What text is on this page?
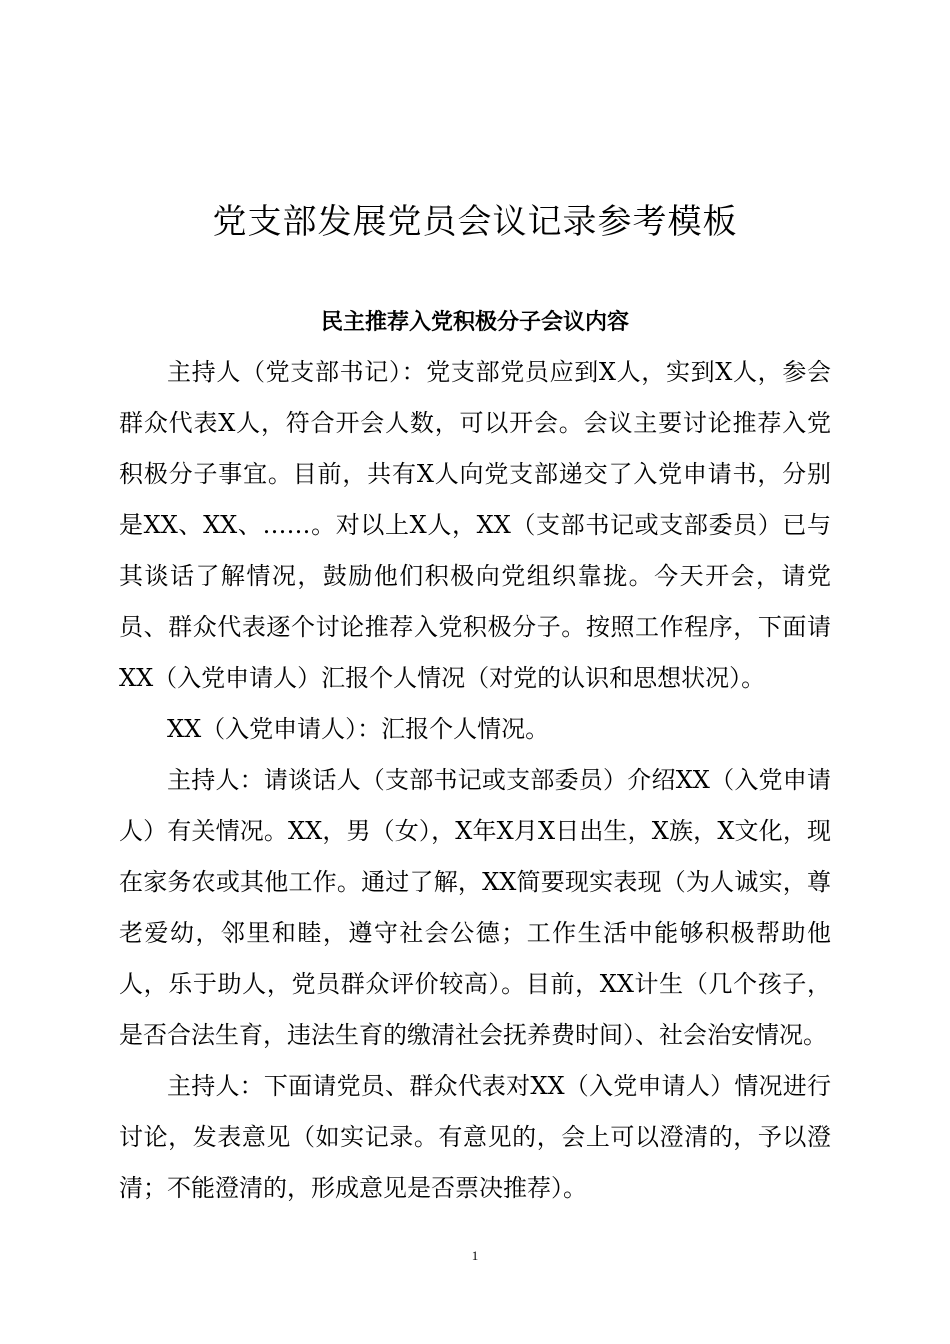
党支部发展党员会议记录参考模板
民主推荐入党积极分子会议内容

主持人（党支部书记）：党支部党员应到X人，实到X人，参会群众代表X人，符合开会人数，可以开会。会议主要讨论推荐入党积极分子事宜。目前，共有X人向党支部递交了入党申请书，分别是XX、XX、……。对以上X人，XX（支部书记或支部委员）已与其谈话了解情况，鼓励他们积极向党组织靠拢。今天开会，请党员、群众代表逐个讨论推荐入党积极分子。按照工作程序，下面请XX（入党申请人）汇报个人情况（对党的认识和思想状况）。

XX（入党申请人）：汇报个人情况。

主持人：请谈话人（支部书记或支部委员）介绍XX（入党申请人）有关情况。XX，男（女），X年X月X日出生，X族，X文化，现在家务农或其他工作。通过了解，XX简要现实表现（为人诚实，尊老爱幼，邻里和睦，遵守社会公德；工作生活中能够积极帮助他人，乐于助人，党员群众评价较高）。目前，XX计生（几个孩子，是否合法生育，违法生育的缴清社会抚养费时间）、社会治安情况。

主持人：下面请党员、群众代表对XX（入党申请人）情况进行讨论，发表意见（如实记录。有意见的，会上可以澄清的，予以澄清；不能澄清的，形成意见是否票决推荐）。

1
